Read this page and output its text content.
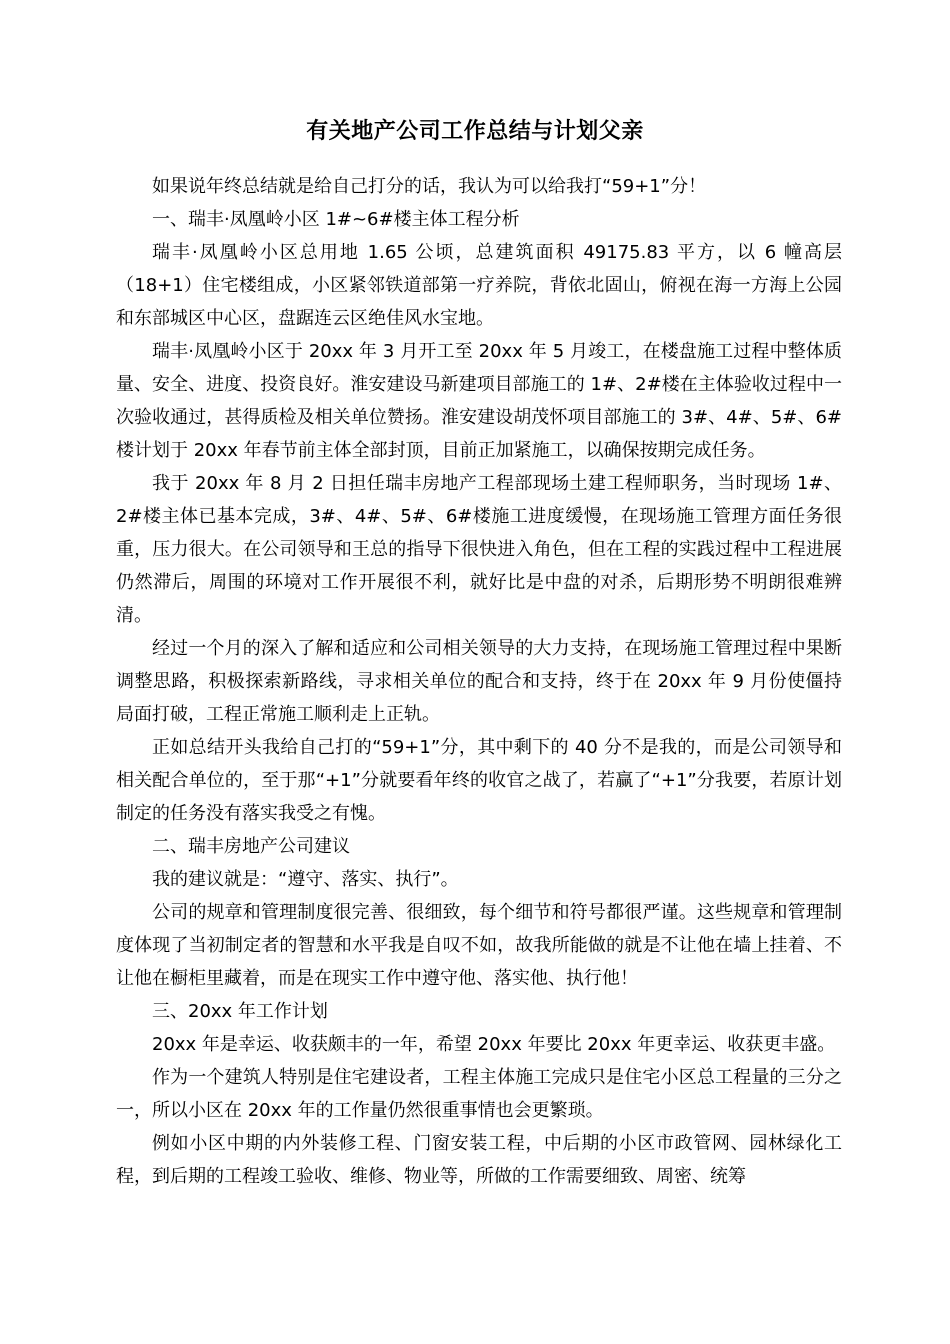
有关地产公司工作总结与计划父亲

如果说年终总结就是给自己打分的话，我认为可以给我打“59+1”分！

一、瑞丰·凤凰岭小区 1#~6#楼主体工程分析

瑞丰·凤凰岭小区总用地 1.65 公顷，总建筑面积 49175.83 平方，以 6 幢高层（18+1）住宅楼组成，小区紧邻铁道部第一疗养院，背依北固山，俯视在海一方海上公园和东部城区中心区，盘踞连云区绝佳风水宝地。

瑞丰·凤凰岭小区于 20xx 年 3 月开工至 20xx 年 5 月竣工，在楼盘施工过程中整体质量、安全、进度、投资良好。淮安建设马新建项目部施工的 1#、2#楼在主体验收过程中一次验收通过，甚得质检及相关单位赞扬。淮安建设胡茂怀项目部施工的 3#、4#、5#、6#楼计划于 20xx 年春节前主体全部封顶，目前正加紧施工，以确保按期完成任务。

我于 20xx 年 8 月 2 日担任瑞丰房地产工程部现场土建工程师职务，当时现场 1#、2#楼主体已基本完成，3#、4#、5#、6#楼施工进度缓慢，在现场施工管理方面任务很重，压力很大。在公司领导和王总的指导下很快进入角色，但在工程的实践过程中工程进展仍然滞后，周围的环境对工作开展很不利，就好比是中盘的对杀，后期形势不明朗很难辨清。

经过一个月的深入了解和适应和公司相关领导的大力支持，在现场施工管理过程中果断调整思路，积极探索新路线，寻求相关单位的配合和支持，终于在 20xx 年 9 月份使僵持局面打破，工程正常施工顺利走上正轨。

正如总结开头我给自己打的“59+1”分，其中剩下的 40 分不是我的，而是公司领导和相关配合单位的，至于那“+1”分就要看年终的收官之战了，若赢了“+1”分我要，若原计划制定的任务没有落实我受之有愧。

二、瑞丰房地产公司建议

我的建议就是：“遵守、落实、执行”。

公司的规章和管理制度很完善、很细致，每个细节和符号都很严谨。这些规章和管理制度体现了当初制定者的智慧和水平我是自叹不如，故我所能做的就是不让他在墙上挂着、不让他在橱柜里藏着，而是在现实工作中遵守他、落实他、执行他！

三、20xx 年工作计划

20xx 年是幸运、收获颇丰的一年，希望 20xx 年要比 20xx 年更幸运、收获更丰盛。

作为一个建筑人特别是住宅建设者，工程主体施工完成只是住宅小区总工程量的三分之一，所以小区在 20xx 年的工作量仍然很重事情也会更繁琐。

例如小区中期的内外装修工程、门窗安装工程，中后期的小区市政管网、园林绿化工程，到后期的工程竣工验收、维修、物业等，所做的工作需要细致、周密、统筹
